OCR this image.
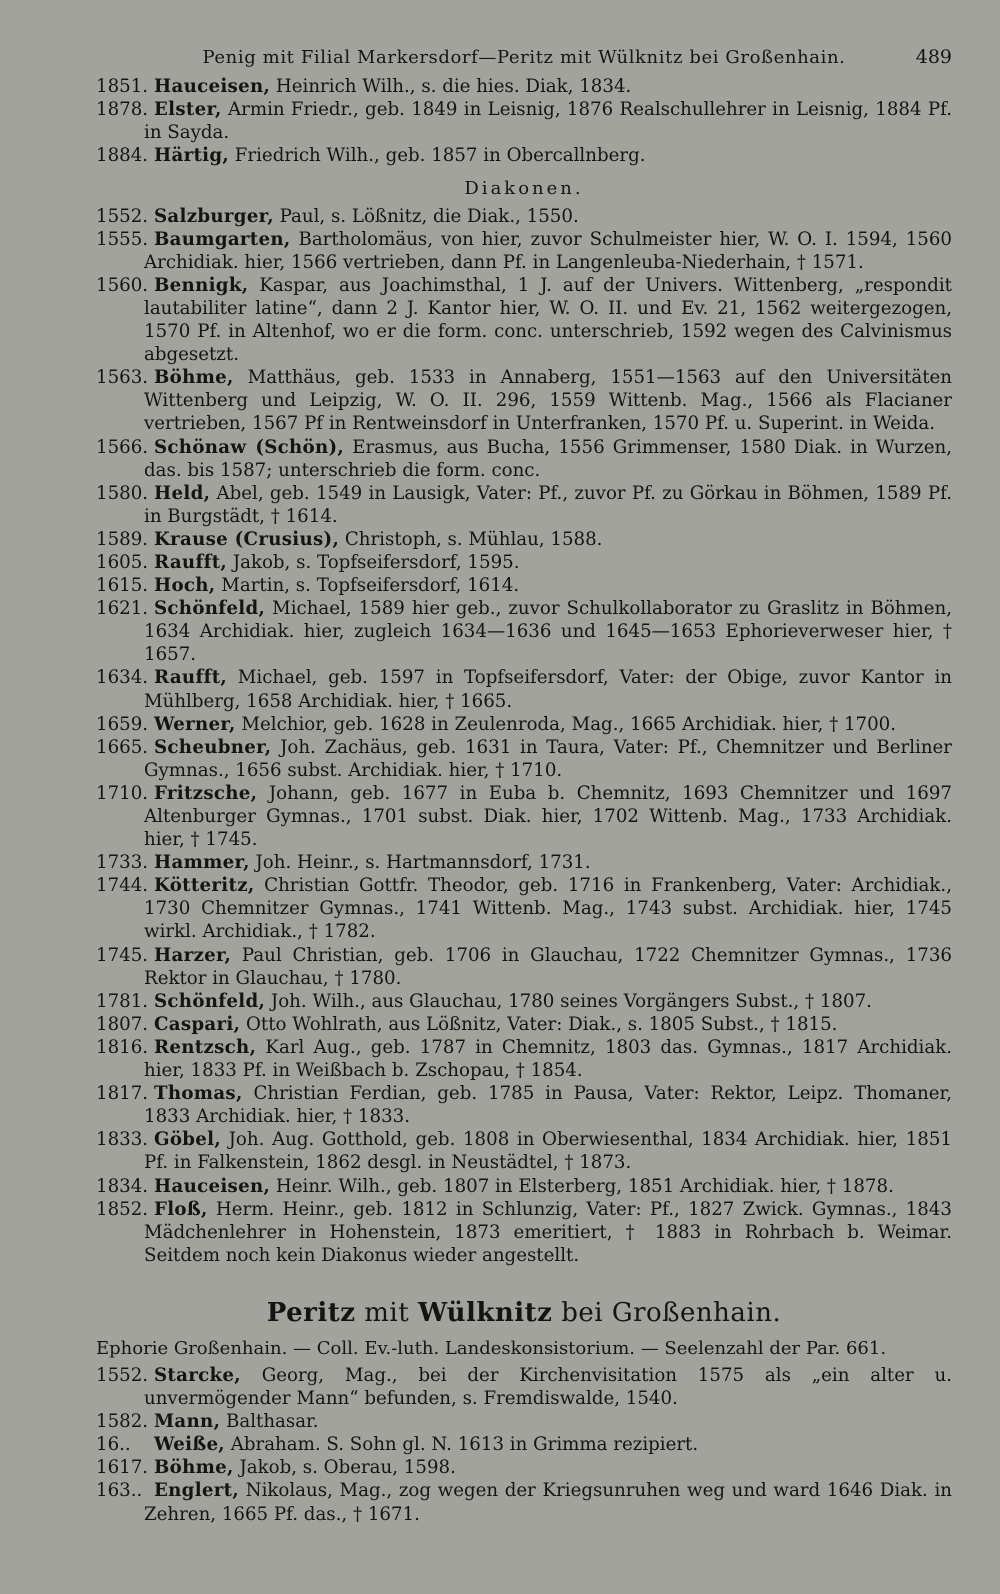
Penig mit Filial Markersdorf—Peritz mit Wülknitz bei Großenhain.	489

1851. Hauceisen, Heinrich Wilh., s. die hies. Diak, 1834.

1878. Elster, Armin Friedr., geb. 1849 in Leisnig, 1876 Realschullehrer in Leisnig, 1884 Pf. in Sayda.

1884. Härtig, Friedrich Wilh., geb. 1857 in Obercallnberg.

Diakonen.

1552. Salzburger, Paul, s. Lößnitz, die Diak., 1550.

1555. Baumgarten, Bartholomäus, von hier, zuvor Schulmeister hier, W. O. I. 1594, 1560 Archidiak. hier, 1566 vertrieben, dann Pf. in Langenleuba-Niederhain, † 1571.

1560. Bennigk, Kaspar, aus Joachimsthal, 1 J. auf der Univers. Wittenberg, „respondit lautabiliter latine“, dann 2 J. Kantor hier, W. O. II. und Ev. 21, 1562 weitergezogen, 1570 Pf. in Altenhof, wo er die form. conc. unterschrieb, 1592 wegen des Calvinismus abgesetzt.

1563. Böhme, Matthäus, geb. 1533 in Annaberg, 1551—1563 auf den Universitäten Wittenberg und Leipzig, W. O. II. 296, 1559 Wittenb. Mag., 1566 als Flacianer vertrieben, 1567 Pf in Rentweinsdorf in Unterfranken, 1570 Pf. u. Superint. in Weida.

1566. Schönaw (Schön), Erasmus, aus Bucha, 1556 Grimmenser, 1580 Diak. in Wurzen, das. bis 1587; unterschrieb die form. conc.

1580. Held, Abel, geb. 1549 in Lausigk, Vater: Pf., zuvor Pf. zu Görkau in Böhmen, 1589 Pf. in Burgstädt, † 1614.

1589. Krause (Crusius), Christoph, s. Mühlau, 1588.

1605. Raufft, Jakob, s. Topfseifersdorf, 1595.

1615. Hoch, Martin, s. Topfseifersdorf, 1614.

1621. Schönfeld, Michael, 1589 hier geb., zuvor Schulkollaborator zu Graslitz in Böhmen, 1634 Archidiak. hier, zugleich 1634—1636 und 1645—1653 Ephorieverweser hier, † 1657.

1634. Raufft, Michael, geb. 1597 in Topfseifersdorf, Vater: der Obige, zuvor Kantor in Mühlberg, 1658 Archidiak. hier, † 1665.

1659. Werner, Melchior, geb. 1628 in Zeulenroda, Mag., 1665 Archidiak. hier, † 1700.

1665. Scheubner, Joh. Zachäus, geb. 1631 in Taura, Vater: Pf., Chemnitzer und Berliner Gymnas., 1656 subst. Archidiak. hier, † 1710.

1710. Fritzsche, Johann, geb. 1677 in Euba b. Chemnitz, 1693 Chemnitzer und 1697 Altenburger Gymnas., 1701 subst. Diak. hier, 1702 Wittenb. Mag., 1733 Archidiak. hier, † 1745.

1733. Hammer, Joh. Heinr., s. Hartmannsdorf, 1731.

1744. Kötteritz, Christian Gottfr. Theodor, geb. 1716 in Frankenberg, Vater: Archidiak., 1730 Chemnitzer Gymnas., 1741 Wittenb. Mag., 1743 subst. Archidiak. hier, 1745 wirkl. Archidiak., † 1782.

1745. Harzer, Paul Christian, geb. 1706 in Glauchau, 1722 Chemnitzer Gymnas., 1736 Rektor in Glauchau, † 1780.

1781. Schönfeld, Joh. Wilh., aus Glauchau, 1780 seines Vorgängers Subst., † 1807.

1807. Caspari, Otto Wohlrath, aus Lößnitz, Vater: Diak., s. 1805 Subst., † 1815.

1816. Rentzsch, Karl Aug., geb. 1787 in Chemnitz, 1803 das. Gymnas., 1817 Archidiak. hier, 1833 Pf. in Weißbach b. Zschopau, † 1854.

1817. Thomas, Christian Ferdian, geb. 1785 in Pausa, Vater: Rektor, Leipz. Thomaner, 1833 Archidiak. hier, † 1833.

1833. Göbel, Joh. Aug. Gotthold, geb. 1808 in Oberwiesenthal, 1834 Archidiak. hier, 1851 Pf. in Falkenstein, 1862 desgl. in Neustädtel, † 1873.

1834. Hauceisen, Heinr. Wilh., geb. 1807 in Elsterberg, 1851 Archidiak. hier, † 1878.

1852. Floß, Herm. Heinr., geb. 1812 in Schlunzig, Vater: Pf., 1827 Zwick. Gymnas., 1843 Mädchenlehrer in Hohenstein, 1873 emeritiert, † 1883 in Rohrbach b. Weimar. Seitdem noch kein Diakonus wieder angestellt.

Peritz mit Wülknitz bei Großenhain.
Ephorie Großenhain. — Coll. Ev.-luth. Landeskonsistorium. — Seelenzahl der Par. 661.

1552. Starcke, Georg, Mag., bei der Kirchenvisitation 1575 als „ein alter u. unvermögender Mann“ befunden, s. Fremdiswalde, 1540.

1582. Mann, Balthasar.

16.. Weiße, Abraham. S. Sohn gl. N. 1613 in Grimma rezipiert.

1617. Böhme, Jakob, s. Oberau, 1598.

163.. Englert, Nikolaus, Mag., zog wegen der Kriegsunruhen weg und ward 1646 Diak. in Zehren, 1665 Pf. das., † 1671.
